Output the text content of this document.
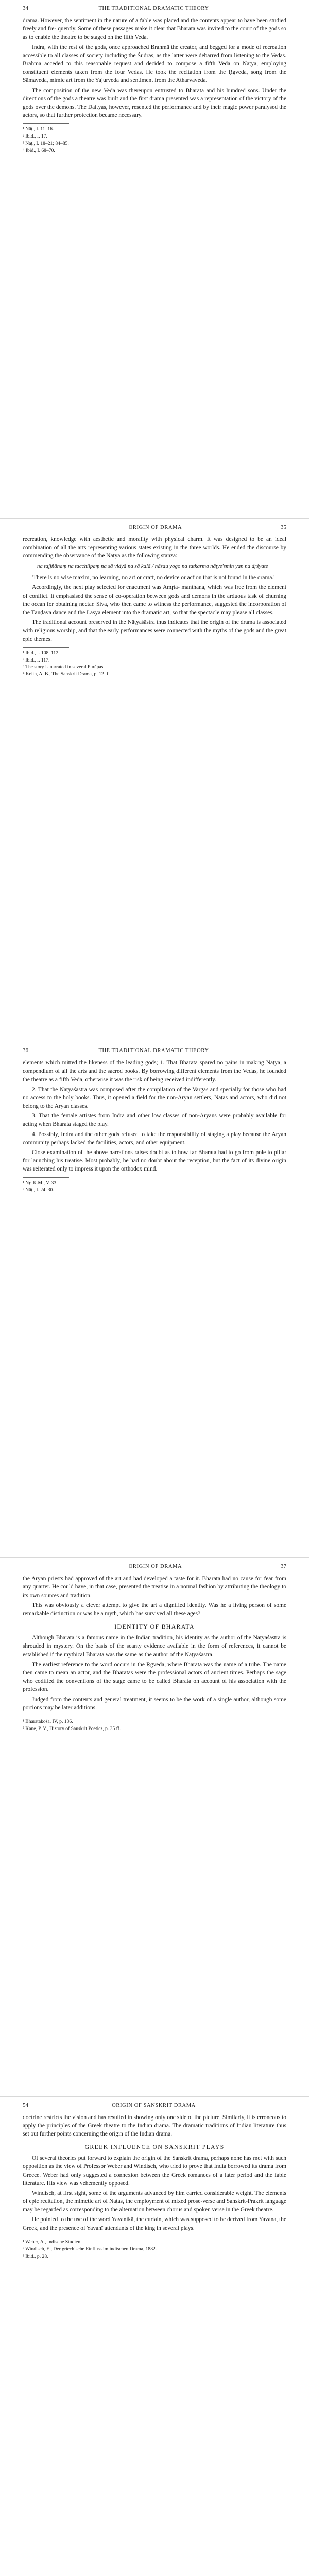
34	THE TRADITIONAL DRAMATIC THEORY

drama. However, the sentiment in the nature of a fable was placed and the contents appear to have been studied freely and fre- quently. Some of these passages make it clear that Bharata was invited to the court of the gods so as to enable the theatre to be staged on the fifth Veda.

Indra, with the rest of the gods, once approached Brahmā the creator, and begged for a mode of recreation accessible to all classes of society including the Śūdras, as the latter were debarred from listening to the Vedas. Brahmā acceded to this reasonable request and decided to compose a fifth Veda on Nāṭya, employing constituent elements taken from the four Vedas. He took the recitation from the Ṛgveda, song from the Sāmaveda, mimic art from the Yajurveda and sentiment from the Atharvaveda.

The composition of the new Veda was thereupon entrusted to Bharata and his hundred sons. Under the directions of the gods a theatre was built and the first drama presented was a representation of the victory of the gods over the demons. The Daityas, however, resented the performance and by their magic power paralysed the actors, so that further protection became necessary.

¹ Nāṭ., I. 11–16.
² Ibid., I. 17.
³ Nāṭ., I. 18–21; 84–85.
⁴ Ibid., I. 68–70.
35
ORIGIN OF DRAMA

recreation, knowledge with aesthetic and morality with physical charm. It was designed to be an ideal combination of all the arts representing various states existing in the three worlds. He ended the discourse by commending the observance of the Nāṭya as the following stanza:

na tajjñānaṃ na tacchilpaṃ na sā vidyā na sā kalā / nāsau yogo na tatkarma nāṭye'smin yan na dṛśyate

'There is no wise maxim, no learning, no art or craft, no device or action that is not found in the drama.'

Accordingly, the next play selected for enactment was Amṛta- manthana, which was free from the element of conflict. It emphasised the sense of co-operation between gods and demons in the arduous task of churning the ocean for obtaining nectar. Siva, who then came to witness the performance, suggested the incorporation of the Tāṇḍava dance and the Lāsya element into the dramatic art, so that the spectacle may please all classes.

The traditional account preserved in the Nāṭyaśāstra thus indicates that the origin of the drama is associated with religious worship, and that the early performances were connected with the myths of the gods and the great epic themes.

¹ Ibid., I. 108–112.
² Ibid., I. 117.
³ The story is narrated in several Purāṇas.
⁴ Keith, A. B., The Sanskrit Drama, p. 12 ff.
36	THE TRADITIONAL DRAMATIC THEORY

elements which mitted the likeness of the leading gods; 1. That Bharata spared no pains in making Nāṭya, a compendium of all the arts and the sacred books. By borrowing different elements from the Vedas, he founded the theatre as a fifth Veda, otherwise it was the risk of being received indifferently.

2. That the Nāṭyaśāstra was composed after the compilation of the Vargas and specially for those who had no access to the holy books. Thus, it opened a field for the non-Aryan settlers, Naṭas and actors, who did not belong to the Aryan classes.

3. That the female artistes from Indra and other low classes of non-Aryans were probably available for acting when Bharata staged the play.

4. Possibly, Indra and the other gods refused to take the responsibility of staging a play because the Aryan community perhaps lacked the facilities, actors, and other equipment.

Close examination of the above narrations raises doubt as to how far Bharata had to go from pole to pillar for launching his treatise. Most probably, he had no doubt about the reception, but the fact of its divine origin was reiterated only to impress it upon the orthodox mind.

¹ Nṛ. K.M., V. 33.
² Nāṭ., I. 24–30.
37
ORIGIN OF DRAMA

the Aryan priests had approved of the art and had developed a taste for it. Bharata had no cause for fear from any quarter. He could have, in that case, presented the treatise in a normal fashion by attributing the theology to its own sources and tradition.

This was obviously a clever attempt to give the art a dignified identity. Was he a living person of some remarkable distinction or was he a myth, which has survived all these ages?

IDENTITY OF BHARATA

Although Bharata is a famous name in the Indian tradition, his identity as the author of the Nāṭyaśāstra is shrouded in mystery. On the basis of the scanty evidence available in the form of references, it cannot be established if the mythical Bharata was the same as the author of the Nāṭyaśāstra.

The earliest reference to the word occurs in the Ṛgveda, where Bharata was the name of a tribe. The name then came to mean an actor, and the Bharatas were the professional actors of ancient times. Perhaps the sage who codified the conventions of the stage came to be called Bharata on account of his association with the profession.

Judged from the contents and general treatment, it seems to be the work of a single author, although some portions may be later additions.

¹ Bharatakośa, IV, p. 136.
² Kane, P. V., History of Sanskrit Poetics, p. 35 ff.
54	ORIGIN OF SANSKRIT DRAMA

doctrine restricts the vision and has resulted in showing only one side of the picture. Similarly, it is erroneous to apply the principles of the Greek theatre to the Indian drama. The dramatic traditions of Indian literature thus set out further points concerning the origin of the Indian drama.

GREEK INFLUENCE ON SANSKRIT PLAYS

Of several theories put forward to explain the origin of the Sanskrit drama, perhaps none has met with such opposition as the view of Professor Weber and Windisch, who tried to prove that India borrowed its drama from Greece. Weber had only suggested a connexion between the Greek romances of a later period and the fable literature. His view was vehemently opposed.

Windisch, at first sight, some of the arguments advanced by him carried considerable weight. The elements of epic recitation, the mimetic art of Naṭas, the employment of mixed prose-verse and Sanskrit-Prakrit language may be regarded as corresponding to the alternation between chorus and spoken verse in the Greek theatre.

He pointed to the use of the word Yavanikā, the curtain, which was supposed to be derived from Yavana, the Greek, and the presence of Yavanī attendants of the king in several plays.

¹ Weber, A., Indische Studien.
² Windisch, E., Der griechische Einfluss im indischen Drama, 1882.
³ Ibid., p. 28.
